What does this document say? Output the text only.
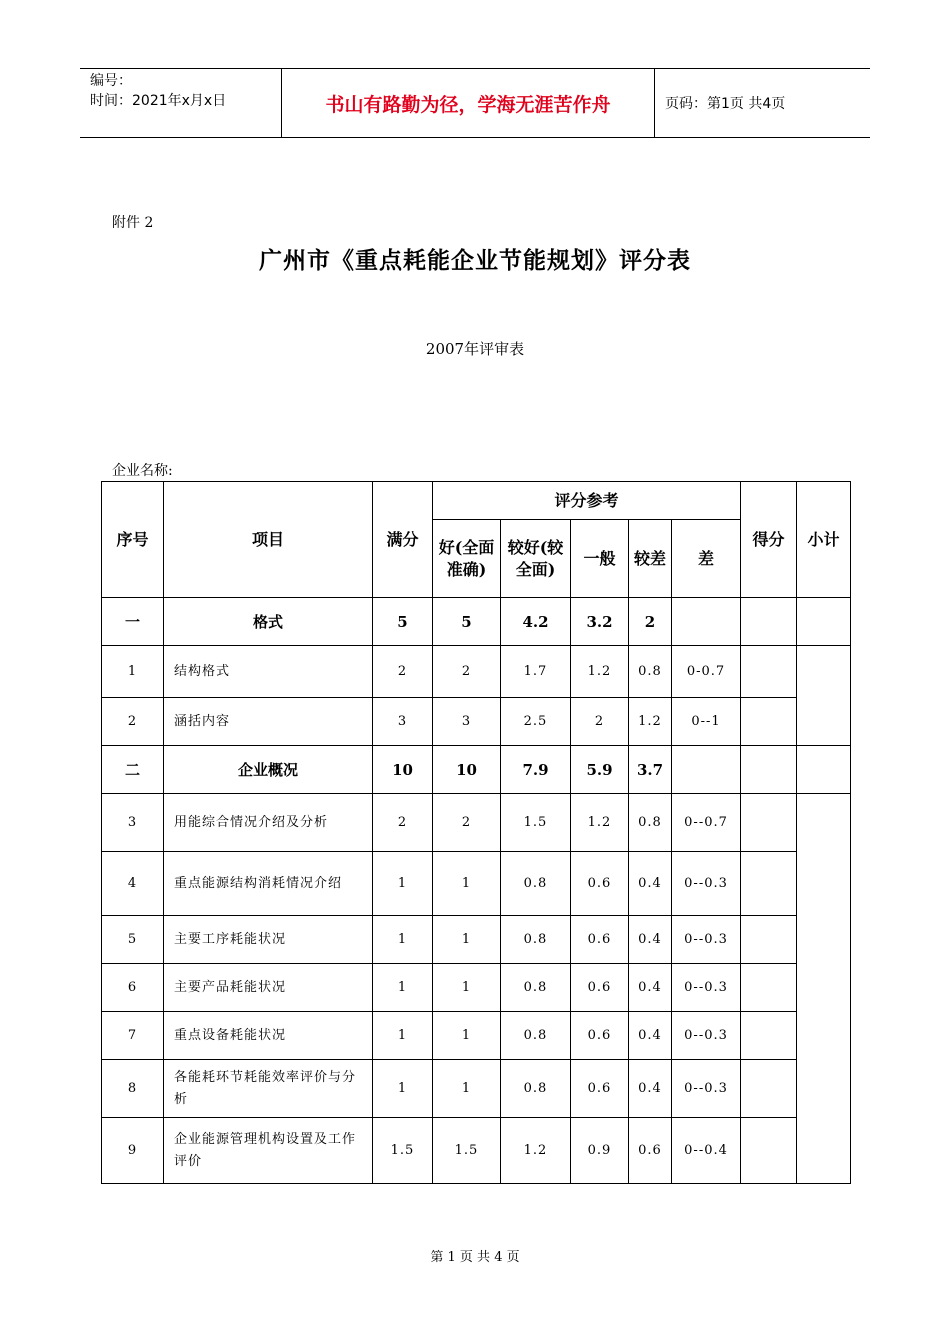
编号：
时间：2021年x月x日	书山有路勤为径，学海无涯苦作舟	页码：第1页 共4页
附件 2
广州市《重点耗能企业节能规划》评分表
2007年评审表
企业名称:
序号	项目	满分	评分参考					得分	小计
			好(全面准确)	较好(较全面)	一般	较差	差		
一	格式	5	5	4.2	3.2	2			
1	结构格式	2	2	1.7	1.2	0.8	0-0.7		
2	涵括内容	3	3	2.5	2	1.2	0--1		
二	企业概况	10	10	7.9	5.9	3.7			
3	用能综合情况介绍及分析	2	2	1.5	1.2	0.8	0--0.7		
4	重点能源结构消耗情况介绍	1	1	0.8	0.6	0.4	0--0.3		
5	主要工序耗能状况	1	1	0.8	0.6	0.4	0--0.3		
6	主要产品耗能状况	1	1	0.8	0.6	0.4	0--0.3		
7	重点设备耗能状况	1	1	0.8	0.6	0.4	0--0.3		
8	各能耗环节耗能效率评价与分析	1	1	0.8	0.6	0.4	0--0.3		
9	企业能源管理机构设置及工作评价	1.5	1.5	1.2	0.9	0.6	0--0.4		
第 1 页 共 4 页
